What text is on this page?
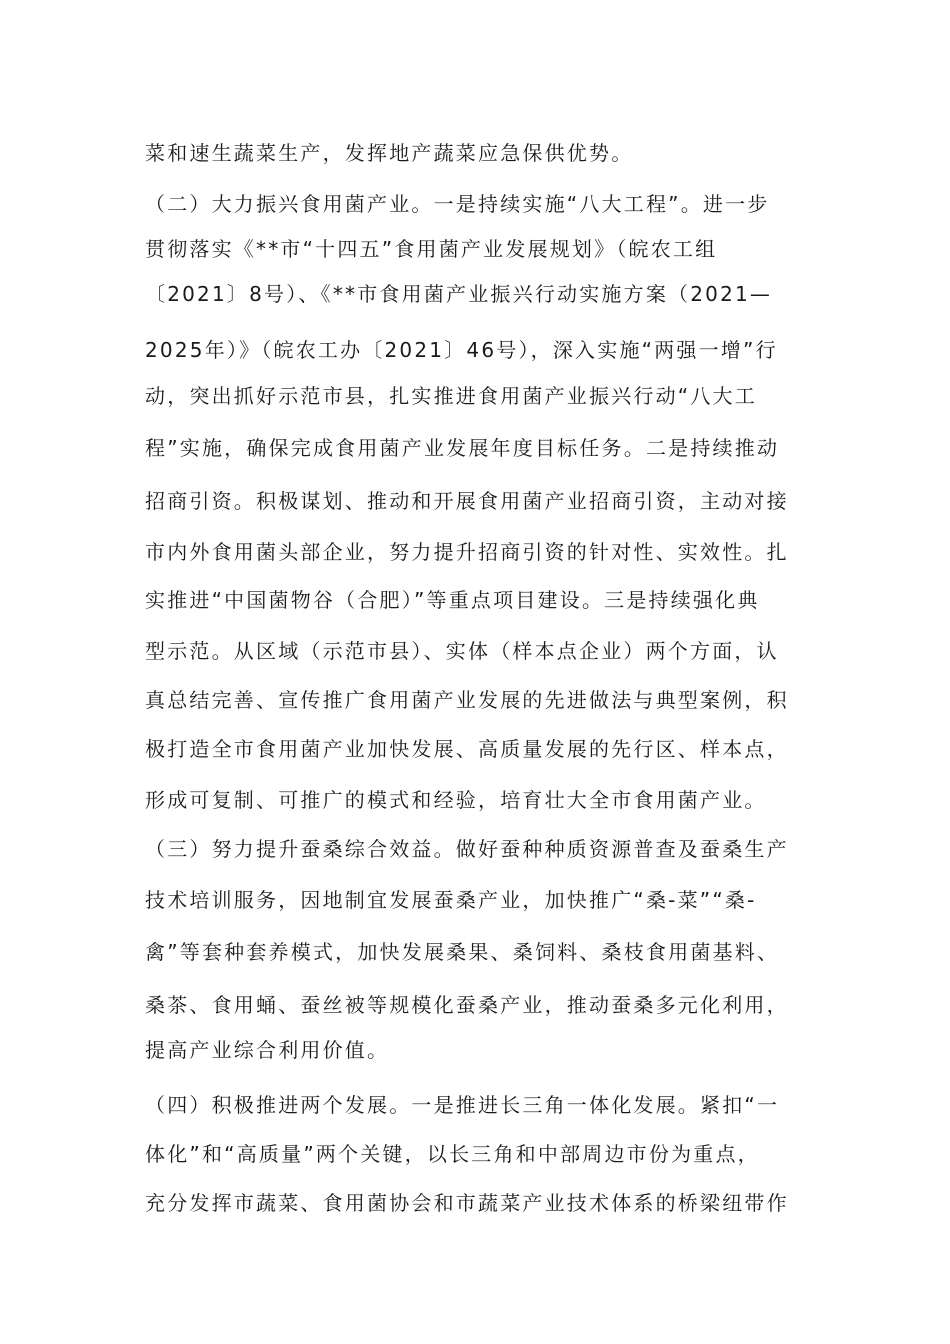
菜和速生蔬菜生产，发挥地产蔬菜应急保供优势。
（二）大力振兴食用菌产业。一是持续实施“八大工程”。进一步
贯彻落实《**市“十四五”食用菌产业发展规划》（皖农工组
〔2021〕8号）、《**市食用菌产业振兴行动实施方案（2021—
2025年）》（皖农工办〔2021〕46号），深入实施“两强一增”行
动，突出抓好示范市县，扎实推进食用菌产业振兴行动“八大工
程”实施，确保完成食用菌产业发展年度目标任务。二是持续推动
招商引资。积极谋划、推动和开展食用菌产业招商引资，主动对接
市内外食用菌头部企业，努力提升招商引资的针对性、实效性。扎
实推进“中国菌物谷（合肥）”等重点项目建设。三是持续强化典
型示范。从区域（示范市县）、实体（样本点企业）两个方面，认
真总结完善、宣传推广食用菌产业发展的先进做法与典型案例，积
极打造全市食用菌产业加快发展、高质量发展的先行区、样本点，
形成可复制、可推广的模式和经验，培育壮大全市食用菌产业。
（三）努力提升蚕桑综合效益。做好蚕种种质资源普查及蚕桑生产
技术培训服务，因地制宜发展蚕桑产业，加快推广“桑-菜”“桑-
禽”等套种套养模式，加快发展桑果、桑饲料、桑枝食用菌基料、
桑茶、食用蛹、蚕丝被等规模化蚕桑产业，推动蚕桑多元化利用，
提高产业综合利用价值。
（四）积极推进两个发展。一是推进长三角一体化发展。紧扣“一
体化”和“高质量”两个关键，以长三角和中部周边市份为重点，
充分发挥市蔬菜、食用菌协会和市蔬菜产业技术体系的桥梁纽带作
